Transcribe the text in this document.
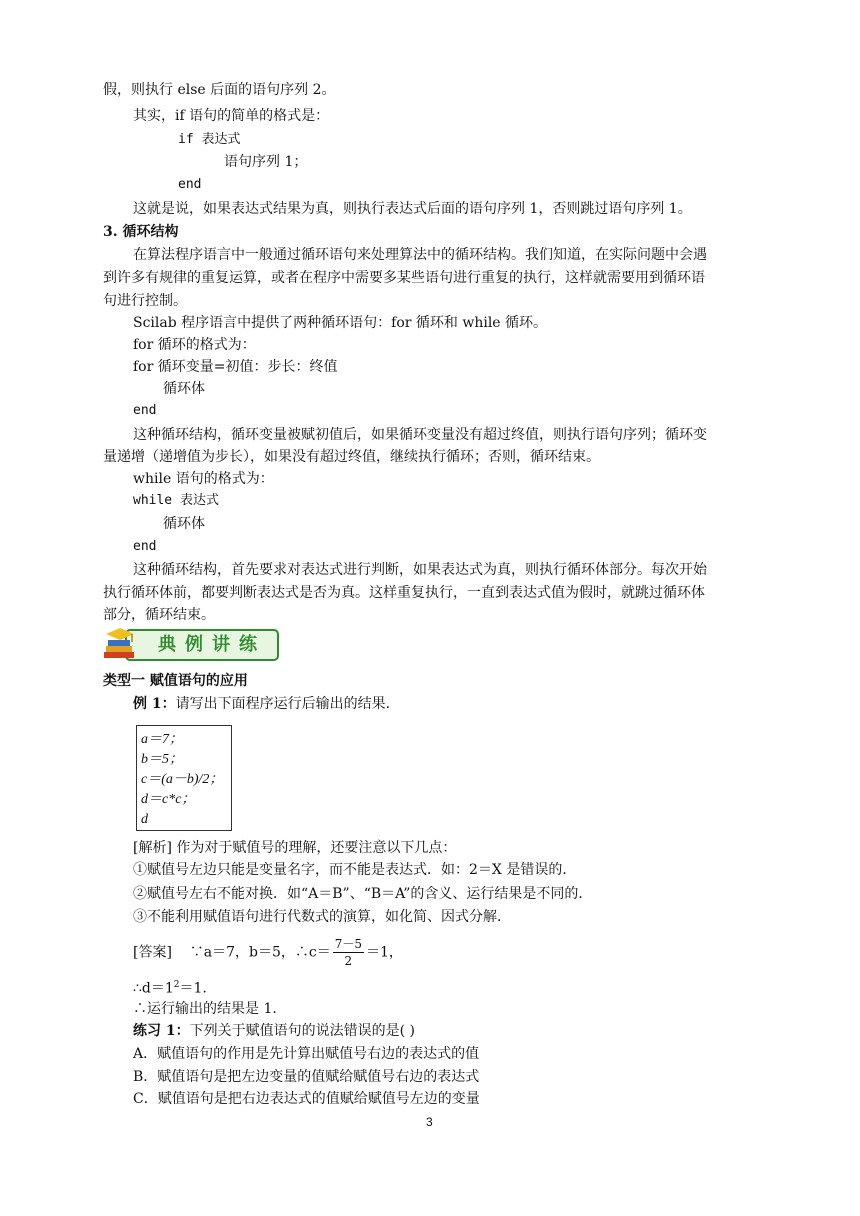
假，则执行 else 后面的语句序列 2。
其实，if 语句的简单的格式是：
if 表达式
语句序列 1；
end
这就是说，如果表达式结果为真，则执行表达式后面的语句序列 1，否则跳过语句序列 1。
3. 循环结构
在算法程序语言中一般通过循环语句来处理算法中的循环结构。我们知道，在实际问题中会遇
到许多有规律的重复运算，或者在程序中需要多某些语句进行重复的执行，这样就需要用到循环语
句进行控制。
Scilab 程序语言中提供了两种循环语句：for 循环和 while 循环。
for 循环的格式为：
for 循环变量=初值：步长：终值
循环体
end
这种循环结构，循环变量被赋初值后，如果循环变量没有超过终值，则执行语句序列；循环变
量递增（递增值为步长），如果没有超过终值，继续执行循环；否则，循环结束。
while 语句的格式为：
while 表达式
循环体
end
这种循环结构，首先要求对表达式进行判断，如果表达式为真，则执行循环体部分。每次开始
执行循环体前，都要判断表达式是否为真。这样重复执行，一直到表达式值为假时，就跳过循环体
部分，循环结束。
典 例 讲 练
类型一 赋值语句的应用
例 1：请写出下面程序运行后输出的结果.
a＝7；
b＝5；
c＝(a－b)/2；
d＝c*c；
d
[解析] 作为对于赋值号的理解，还要注意以下几点：
①赋值号左边只能是变量名字，而不能是表达式．如：2＝X 是错误的．
②赋值号左右不能对换．如“A＝B”、“B＝A”的含义、运行结果是不同的．
③不能利用赋值语句进行代数式的演算，如化简、因式分解．
[答案] ∵a＝7，b＝5，∴c＝ $\frac{7-5}{2} =1$，
$\therefore d=1^2=1$.
∴运行输出的结果是 1.
练习 1：下列关于赋值语句的说法错误的是( )
A．赋值语句的作用是先计算出赋值号右边的表达式的值
B．赋值语句是把左边变量的值赋给赋值号右边的表达式
C．赋值语句是把右边表达式的值赋给赋值号左边的变量
3
